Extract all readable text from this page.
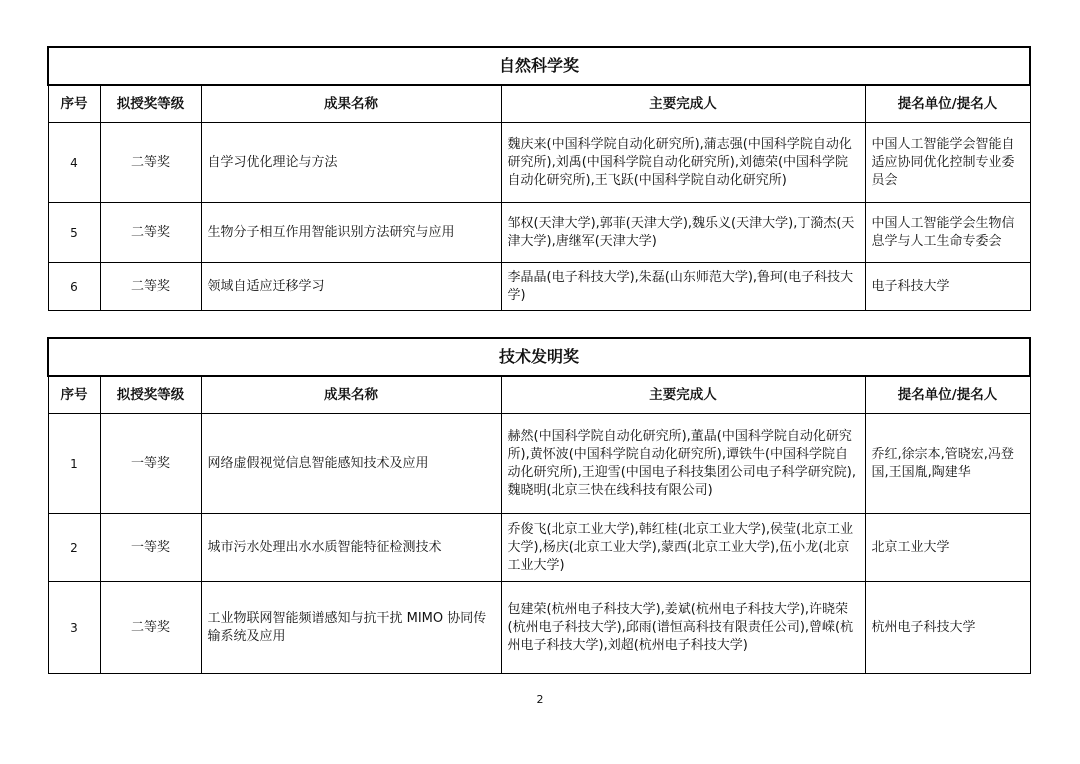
自然科学奖				
序号	拟授奖等级	成果名称	主要完成人	提名单位/提名人
4	二等奖	自学习优化理论与方法	魏庆来(中国科学院自动化研究所),蒲志强(中国科学院自动化研究所),刘禹(中国科学院自动化研究所),刘德荣(中国科学院自动化研究所),王飞跃(中国科学院自动化研究所)	中国人工智能学会智能自适应协同优化控制专业委员会
5	二等奖	生物分子相互作用智能识别方法研究与应用	邹权(天津大学),郭菲(天津大学),魏乐义(天津大学),丁漪杰(天津大学),唐继军(天津大学)	中国人工智能学会生物信息学与人工生命专委会
6	二等奖	领域自适应迁移学习	李晶晶(电子科技大学),朱磊(山东师范大学),鲁珂(电子科技大学)	电子科技大学
技术发明奖				
序号	拟授奖等级	成果名称	主要完成人	提名单位/提名人
1	一等奖	网络虚假视觉信息智能感知技术及应用	赫然(中国科学院自动化研究所),董晶(中国科学院自动化研究所),黄怀波(中国科学院自动化研究所),谭铁牛(中国科学院自动化研究所),王迎雪(中国电子科技集团公司电子科学研究院),魏晓明(北京三快在线科技有限公司)	乔红,徐宗本,管晓宏,冯登国,王国胤,陶建华
2	一等奖	城市污水处理出水水质智能特征检测技术	乔俊飞(北京工业大学),韩红桂(北京工业大学),侯莹(北京工业大学),杨庆(北京工业大学),蒙西(北京工业大学),伍小龙(北京工业大学)	北京工业大学
3	二等奖	工业物联网智能频谱感知与抗干扰 MIMO 协同传输系统及应用	包建荣(杭州电子科技大学),姜斌(杭州电子科技大学),许晓荣(杭州电子科技大学),邱雨(谱恒高科技有限责任公司),曾嵘(杭州电子科技大学),刘超(杭州电子科技大学)	杭州电子科技大学
2
